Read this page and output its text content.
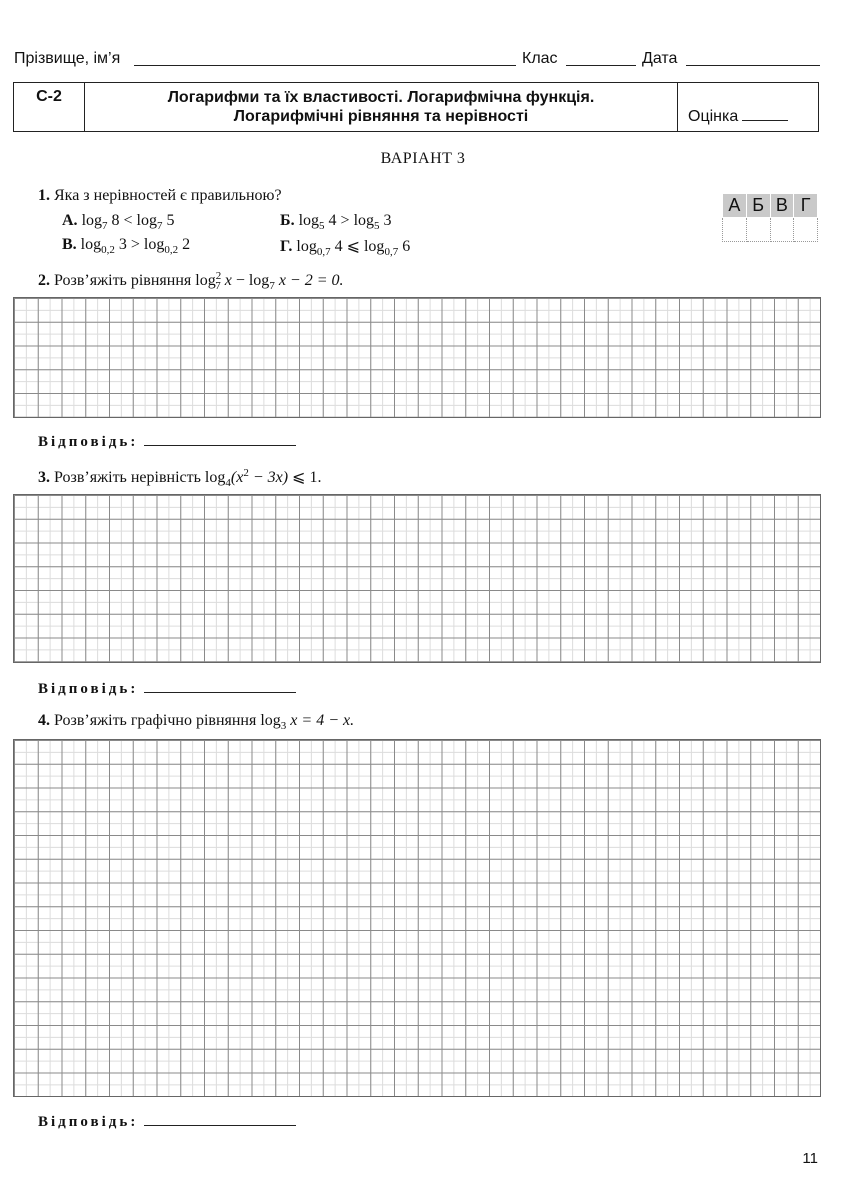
Прізвище, ім’я	Клас	Дата
С-2	Логарифми та їх властивості. Логарифмічна функція.
Логарифмічні рівняння та нерівності	Оцінка
ВАРІАНТ 3
1. Яка з нерівностей є правильною?
А. $\log_7 8 < \log_7 5$	Б. $\log_5 4 > \log_5 3$
В. $\log_{0,2} 3 > \log_{0,2} 2$	Г. $\log_{0,7} 4$ ⩽ $\log_{0,7} 6$
А	Б	В	Г

2. Розв’яжіть рівняння $\log^2_7 x - \log_7 x - 2 = 0$.
Відповідь:
3. Розв’яжіть нерівність $\log_4(x^2 - 3x)$ ⩽ 1.
Відповідь:
4. Розв’яжіть графічно рівняння $\log_3 x = 4 - x$.
Відповідь:
11
